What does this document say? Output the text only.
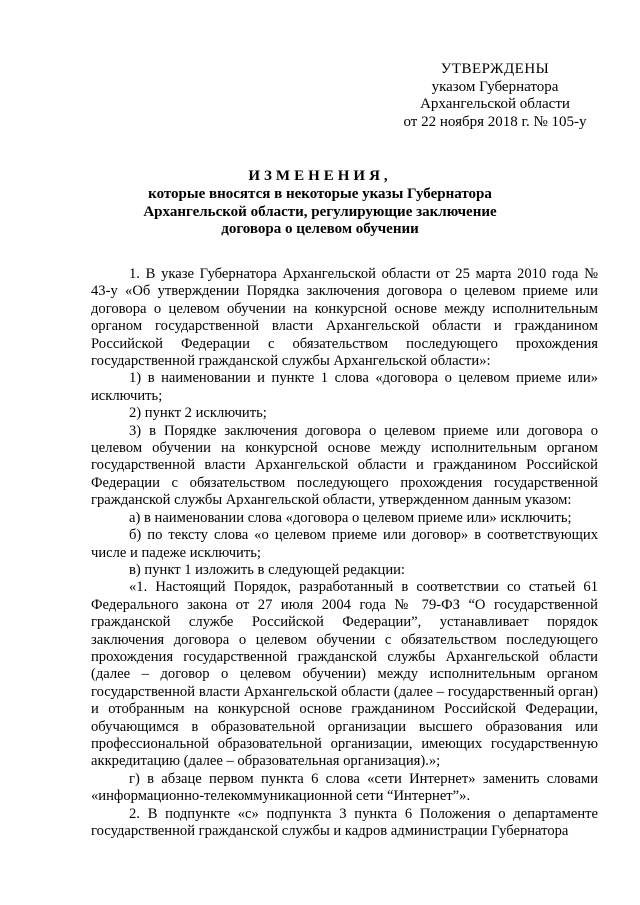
УТВЕРЖДЕНЫ
указом Губернатора
Архангельской области
от 22 ноября 2018 г. № 105-у
ИЗМЕНЕНИЯ,
которые вносятся в некоторые указы Губернатора
Архангельской области, регулирующие заключение
договора о целевом обучении

1. В указе Губернатора Архангельской области от 25 марта 2010 года № 43-у «Об утверждении Порядка заключения договора о целевом приеме или договора о целевом обучении на конкурсной основе между исполнительным органом государственной власти Архангельской области и гражданином Российской Федерации с обязательством последующего прохождения государственной гражданской службы Архангельской области»:

1) в наименовании и пункте 1 слова «договора о целевом приеме или» исключить;

2) пункт 2 исключить;

3) в Порядке заключения договора о целевом приеме или договора о целевом обучении на конкурсной основе между исполнительным органом государственной власти Архангельской области и гражданином Российской Федерации с обязательством последующего прохождения государственной гражданской службы Архангельской области, утвержденном данным указом:

а) в наименовании слова «договора о целевом приеме или» исключить;

б) по тексту слова «о целевом приеме или договор» в соответствующих числе и падеже исключить;

в) пункт 1 изложить в следующей редакции:

«1. Настоящий Порядок, разработанный в соответствии со статьей 61 Федерального закона от 27 июля 2004 года № 79-ФЗ “О государственной гражданской службе Российской Федерации”, устанавливает порядок заключения договора о целевом обучении с обязательством последующего прохождения государственной гражданской службы Архангельской области (далее – договор о целевом обучении) между исполнительным органом государственной власти Архангельской области (далее – государственный орган) и отобранным на конкурсной основе гражданином Российской Федерации, обучающимся в образовательной организации высшего образования или профессиональной образовательной организации, имеющих государственную аккредитацию (далее – образовательная организация).»;

г) в абзаце первом пункта 6 слова «сети Интернет» заменить словами «информационно-телекоммуникационной сети “Интернет”».

2. В подпункте «с» подпункта 3 пункта 6 Положения о департаменте государственной гражданской службы и кадров администрации Губернатора
